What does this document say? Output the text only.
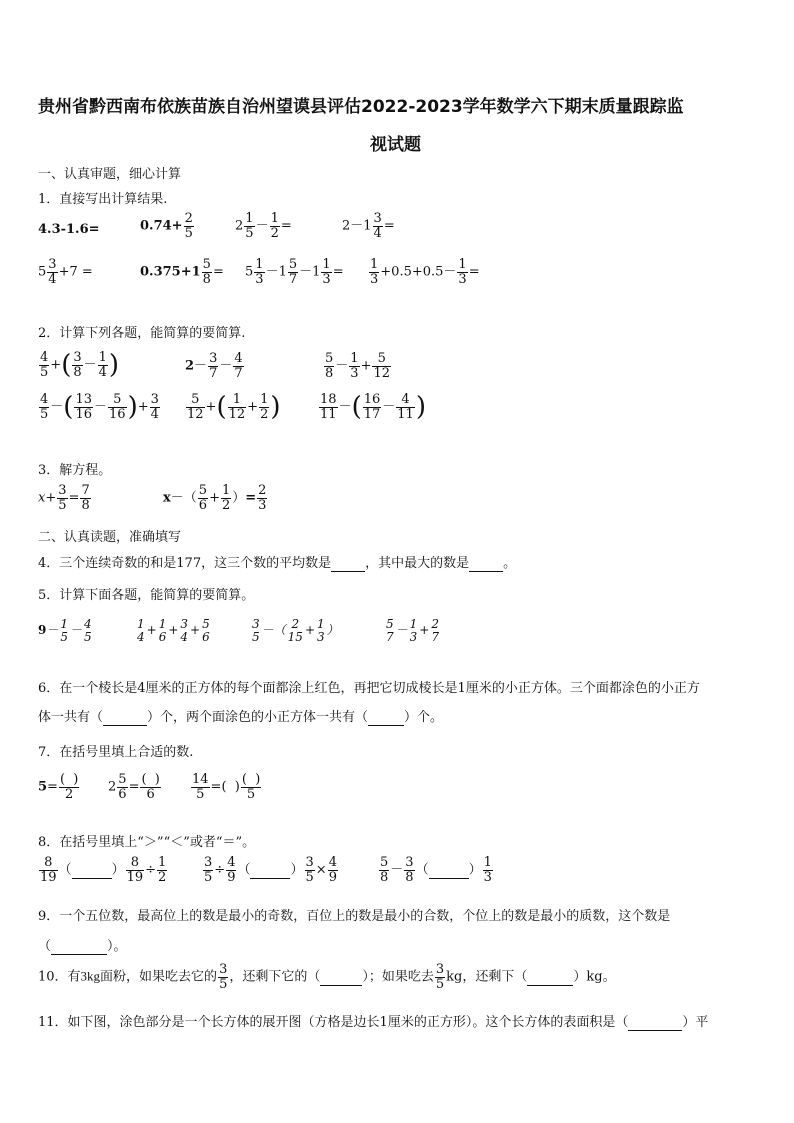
贵州省黔西南布依族苗族自治州望谟县评估2022-2023学年数学六下期末质量跟踪监
视试题
一、认真审题，细心计算
1．直接写出计算结果.
4.3-1.6=	$0.74+ \frac{2}{5}$	$2 \frac{1}{5} - \frac{1}{2}$ =	$2-1 \frac{3}{4}$ =
$5 \frac{3}{4} +7$ =	$0.375+1 \frac{5}{8} = 5 \frac{1}{3} -1 \frac{5}{7} -1 \frac{1}{3} = \frac{1}{3} +0.5+0.5- \frac{1}{3}$ =
2．计算下列各题，能简算的要简算.
$\frac{4}{5}$ +( $\frac{3}{8} - \frac{1}{4}$ )	$2- \frac{3}{7} - \frac{4}{7}$	$\frac{5}{8} - \frac{1}{3} + \frac{5}{12}$
$\frac{4}{5}$ －( $\frac{13}{16} - \frac{5}{16}$ )+ $\frac{3}{4} \frac{5}{12}$ +( $\frac{1}{12} + \frac{1}{2}$ )	$\frac{18}{11}$ －( $\frac{16}{17} - \frac{4}{11}$ )
3．解方程。
$x+ \frac{3}{5} = \frac{7}{8}$	$x-( \frac{5}{6} + \frac{1}{2}$ ）= $\frac{2}{3}$
二、认真读题，准确填写
4．三个连续奇数的和是177，这三个数的平均数是	，其中最大的数是	。
5．计算下面各题，能简算的要简算。
9－ 1
5 － 4
5
1
4 + 1
6 + 3
4 + 5
6
3
5 －（ 2
15 + 1
3 ）	5
7 － 1
3 + 2
7
6．在一个棱长是4厘米的正方体的每个面都涂上红色，再把它切成棱长是1厘米的小正方体。三个面都涂色的小正方
体一共有（	）个，两个面涂色的小正方体一共有（	）个。
7．在括号里填上合适的数.
$5= \frac{( )}{2} 2 \frac{5}{6} = \frac{( )}{6} \frac{14}{5}$ =(  ) $\frac{( )}{5}$
8．在括号里填上“＞”“＜”或者“＝”。
$\frac{8}{19}$ （	） $\frac{8}{19} \div \frac{1}{2}$	$\frac{3}{5} \div \frac{4}{9}$ （	） $\frac{3}{5} \times \frac{4}{9}$	$\frac{5}{8} - \frac{3}{8}$ （	） $\frac{1}{3}$
9．一个五位数，最高位上的数是最小的奇数，百位上的数是最小的合数，个位上的数是最小的质数，这个数是
（	）。
10．有3kg面粉，如果吃去它的 $\frac{3}{5}$ ，还剩下它的（	）；如果吃去 $\frac{3}{5}$ kg，还剩下（	）kg。
11．如下图，涂色部分是一个长方体的展开图（方格是边长1厘米的正方形）。这个长方体的表面积是（	）平
